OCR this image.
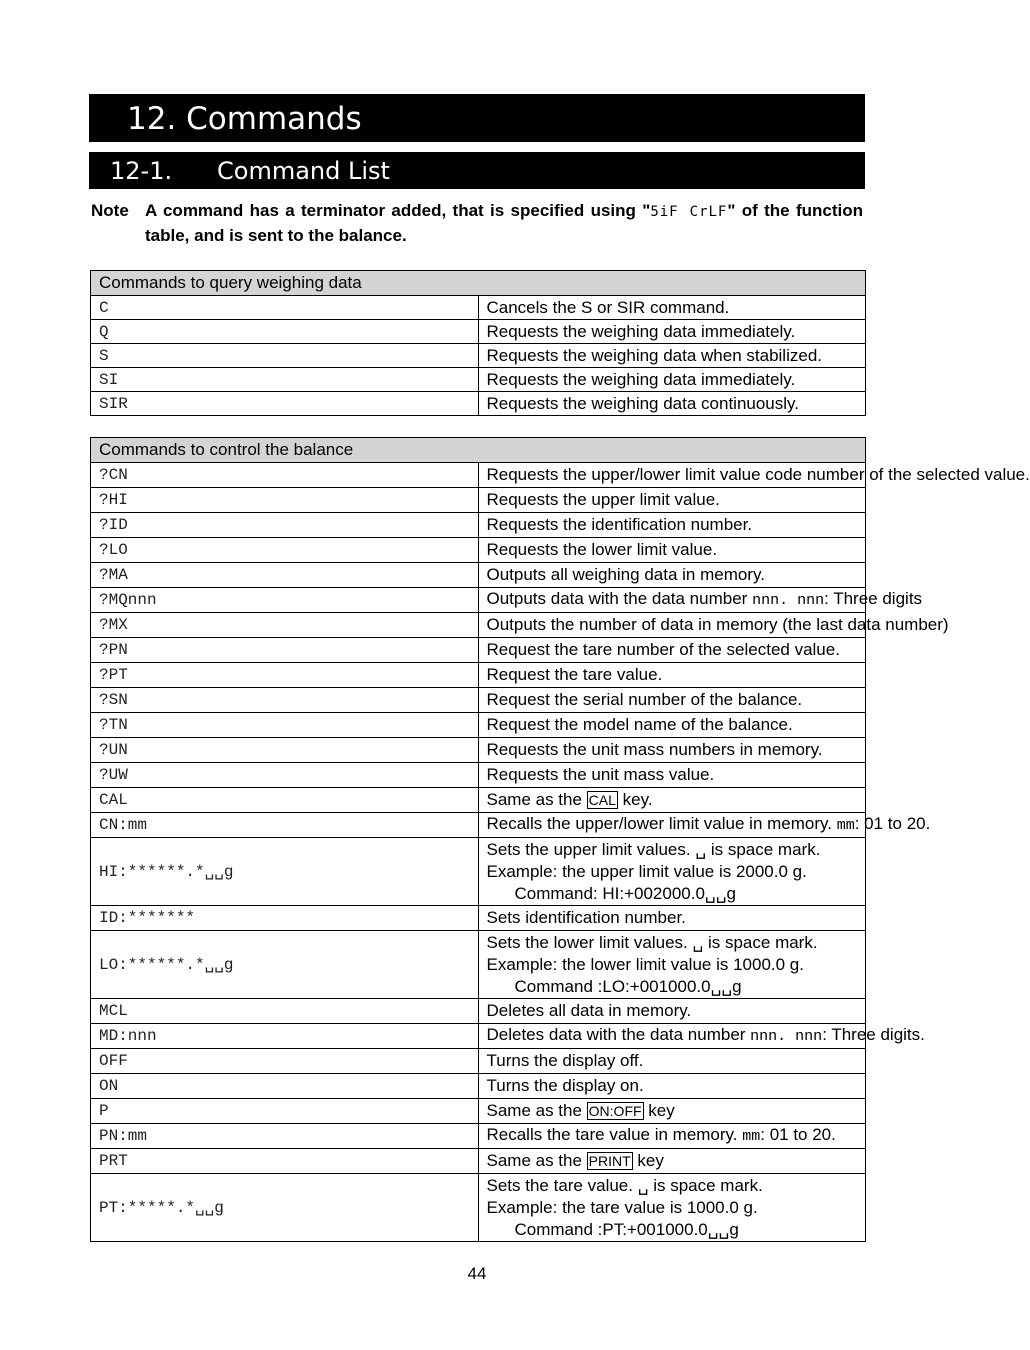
12. Commands
12-1. Command List
Note A command has a terminator added, that is specified using "5iF CrLF" of the function table, and is sent to the balance.
Commands to query weighing data	
C	Cancels the S or SIR command.
Q	Requests the weighing data immediately.
S	Requests the weighing data when stabilized.
SI	Requests the weighing data immediately.
SIR	Requests the weighing data continuously.
Commands to control the balance	
?CN	Requests the upper/lower limit value code number of the selected value.
?HI	Requests the upper limit value.
?ID	Requests the identification number.
?LO	Requests the lower limit value.
?MA	Outputs all weighing data in memory.
?MQnnn	Outputs data with the data number nnn. nnn: Three digits
?MX	Outputs the number of data in memory (the last data number)
?PN	Request the tare number of the selected value.
?PT	Request the tare value.
?SN	Request the serial number of the balance.
?TN	Request the model name of the balance.
?UN	Requests the unit mass numbers in memory.
?UW	Requests the unit mass value.
CAL	Same as the CAL key.
CN:mm	Recalls the upper/lower limit value in memory. mm: 01 to 20.
HI:******.*␣␣g	Sets the upper limit values. ␣ is space mark.
Example: the upper limit value is 2000.0 g.
Command: HI:+002000.0␣␣g

ID:*******	Sets identification number.
LO:******.*␣␣g	Sets the lower limit values. ␣ is space mark.
Example: the lower limit value is 1000.0 g.
Command :LO:+001000.0␣␣g

MCL	Deletes all data in memory.
MD:nnn	Deletes data with the data number nnn. nnn: Three digits.
OFF	Turns the display off.
ON	Turns the display on.
P	Same as the ON:OFF key
PN:mm	Recalls the tare value in memory. mm: 01 to 20.
PRT	Same as the PRINT key
PT:*****.*␣␣g	Sets the tare value. ␣ is space mark.
Example: the tare value is 1000.0 g.
Command :PT:+001000.0␣␣g
44
